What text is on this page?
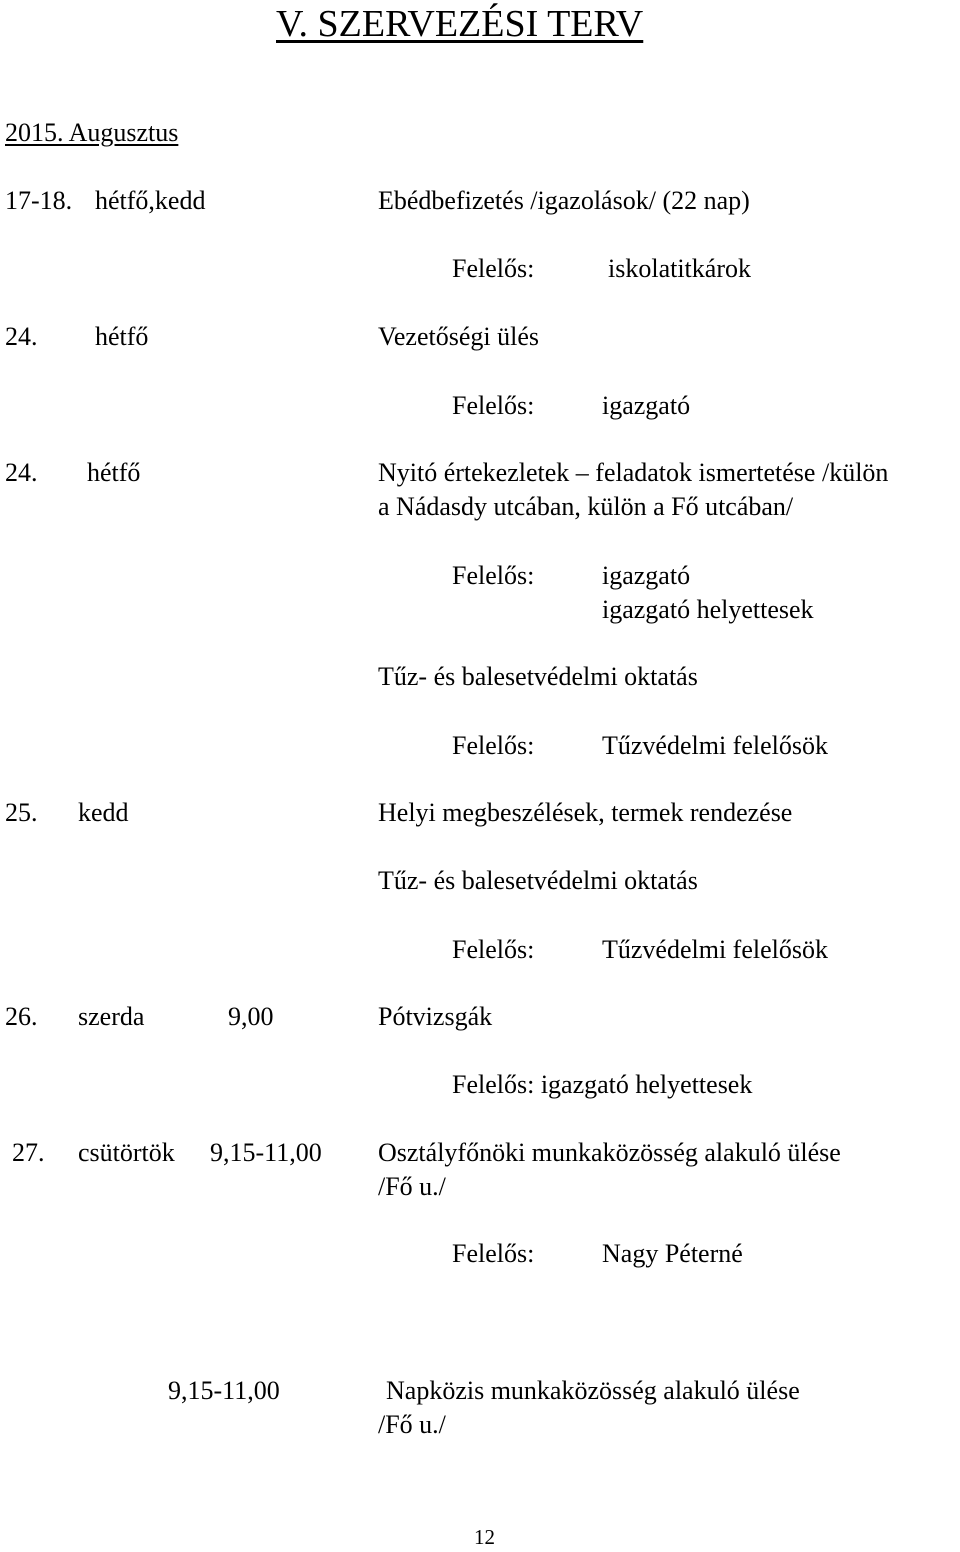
V. SZERVEZÉSI TERV
2015. Augusztus
17-18. hétfő,kedd	Ebédbefizetés /igazolások/ (22 nap)
Felelős:	iskolatitkárok
24. hétfő	Vezetőségi ülés
Felelős:	igazgató
24. hétfő	Nyitó értekezletek – feladatok ismertetése /külön
a Nádasdy utcában, külön a Fő utcában/
Felelős:	igazgató
igazgató helyettesek
Tűz- és balesetvédelmi oktatás
Felelős:	Tűzvédelmi felelősök
25. kedd	Helyi megbeszélések, termek rendezése
Tűz- és balesetvédelmi oktatás
Felelős:	Tűzvédelmi felelősök
26. szerda	9,00	Pótvizsgák
Felelős: igazgató helyettesek
27. csütörtök 9,15-11,00 Osztályfőnöki munkaközösség alakuló ülése
/Fő u./
Felelős:	Nagy Péterné
9,15-11,00	Napközis munkaközösség alakuló ülése
/Fő u./
12
